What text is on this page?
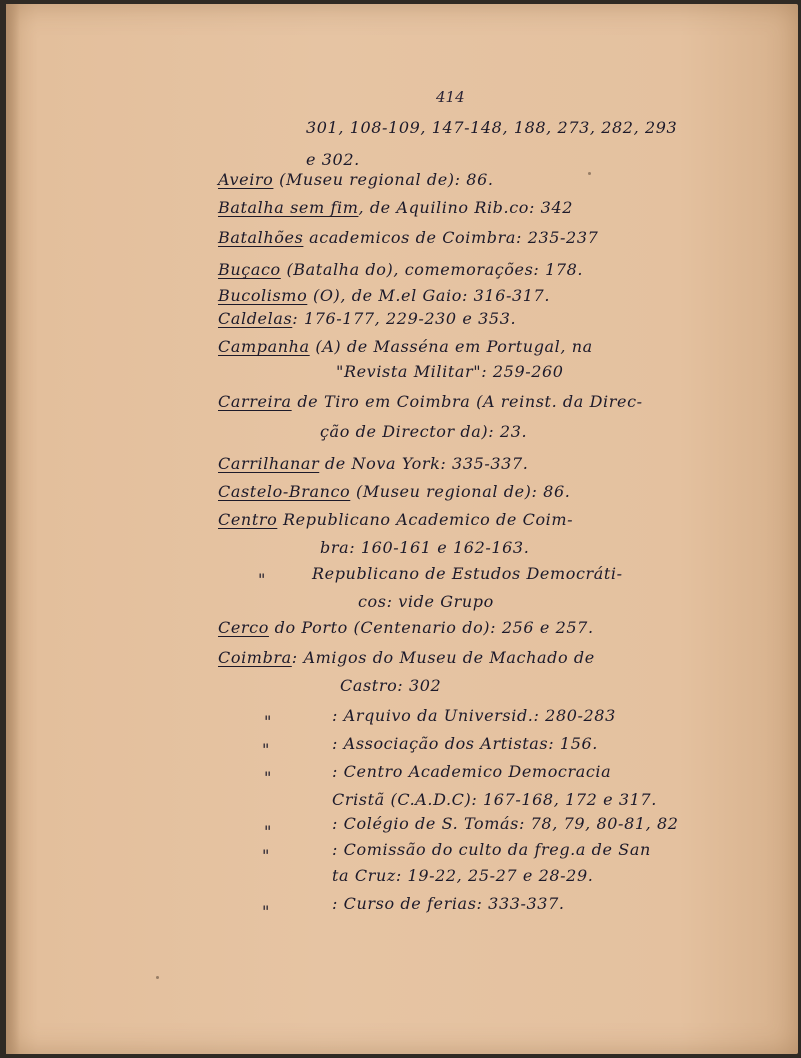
414
301, 108-109, 147-148, 188, 273, 282, 293
e 302.
Aveiro (Museu regional de): 86.
Batalha sem fim, de Aquilino Rib.co: 342
Batalhões academicos de Coimbra: 235-237
Buçaco (Batalha do), comemorações: 178.
Bucolismo (O), de M.el Gaio: 316-317.
Caldelas: 176-177, 229-230 e 353.
Campanha (A) de Masséna em Portugal, na
"Revista Militar": 259-260
Carreira de Tiro em Coimbra (A reinst. da Direc-
ção de Director da): 23.
Carrilhanar de Nova York: 335-337.
Castelo-Branco (Museu regional de): 86.
Centro Republicano Academico de Coim-
bra: 160-161 e 162-163.
"	Republicano de Estudos Democráti-
cos: vide Grupo
Cerco do Porto (Centenario do): 256 e 257.
Coimbra: Amigos do Museu de Machado de
Castro: 302
"	: Arquivo da Universid.: 280-283
"	: Associação dos Artistas: 156.
"	: Centro Academico Democracia
Cristã (C.A.D.C): 167-168, 172 e 317.
"	: Colégio de S. Tomás: 78, 79, 80-81, 82
"	: Comissão do culto da freg.a de San
ta Cruz: 19-22, 25-27 e 28-29.
"	: Curso de ferias: 333-337.
